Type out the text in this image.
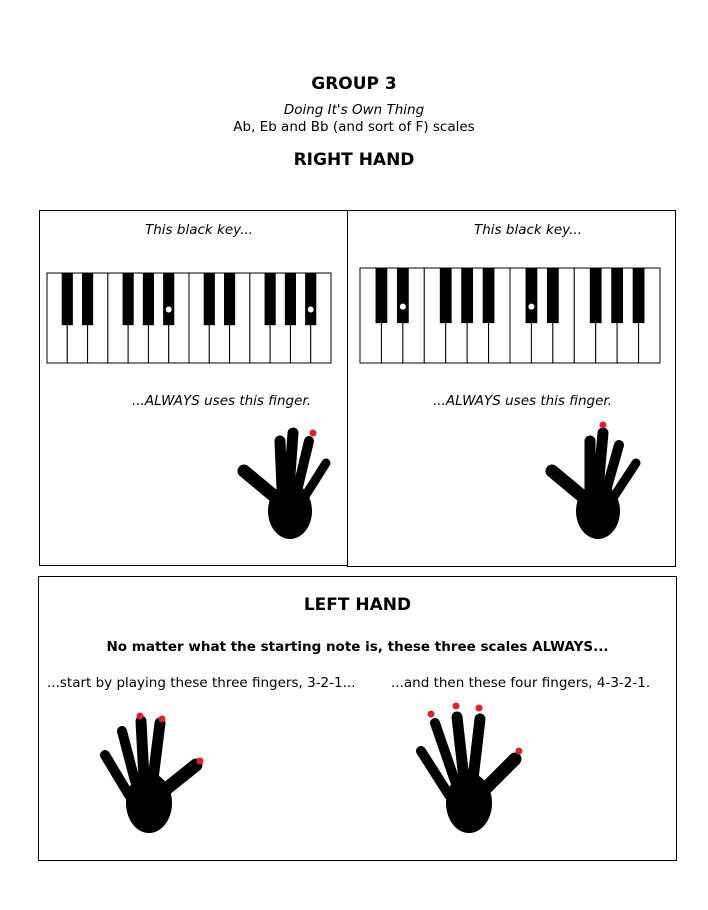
GROUP 3
Doing It's Own Thing
Ab, Eb and Bb (and sort of F) scales
RIGHT HAND
This black key...
...ALWAYS uses this finger.
This black key...
...ALWAYS uses this finger.
LEFT HAND
No matter what the starting note is, these three scales ALWAYS...
...start by playing these three fingers, 3-2-1...	...and then these four fingers, 4-3-2-1.
